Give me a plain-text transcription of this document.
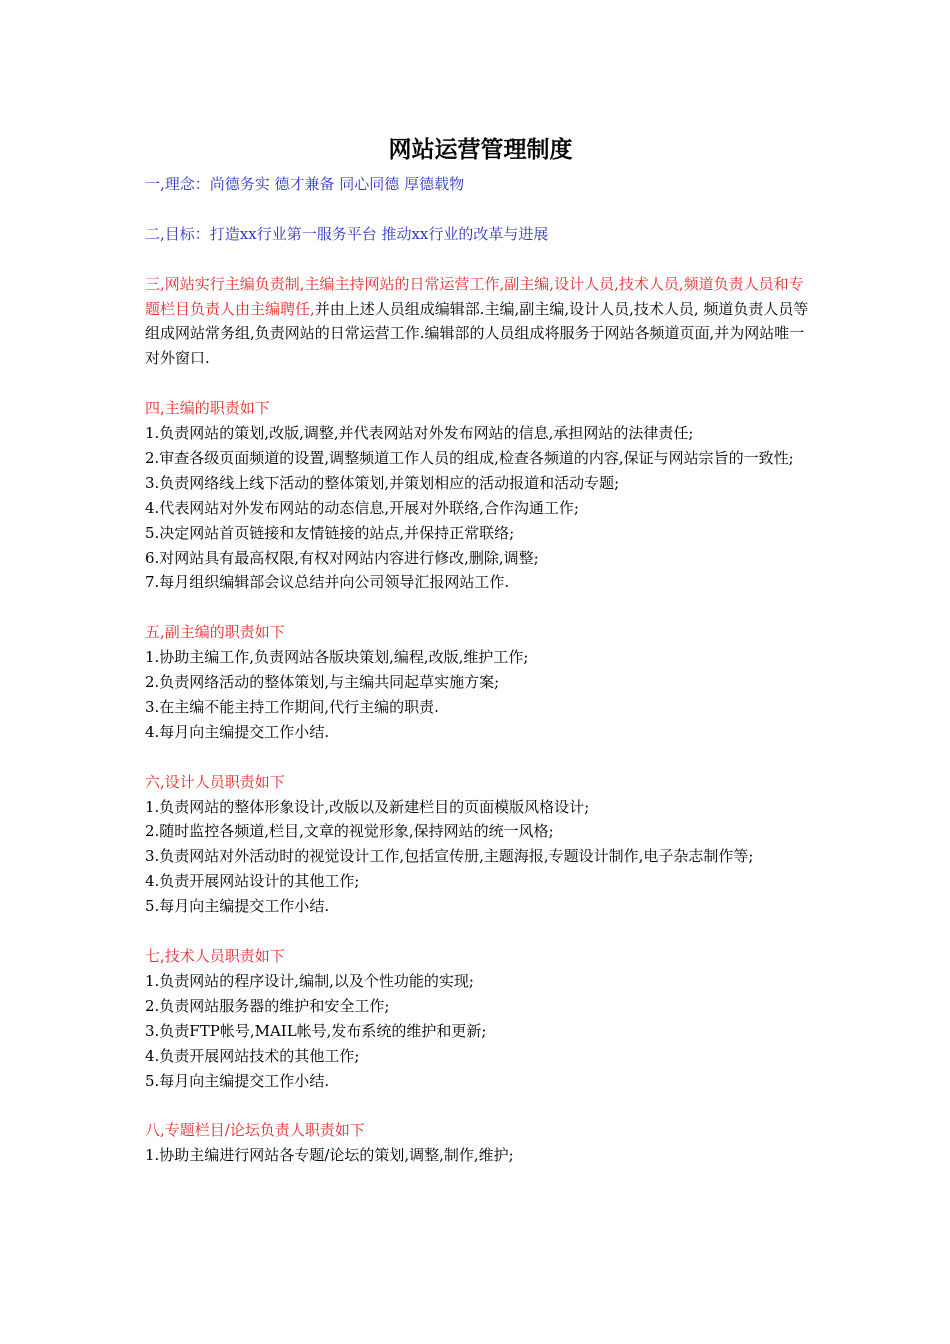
网站运营管理制度

一,理念：尚德务实 德才兼备 同心同德 厚德载物

二,目标：打造xx行业第一服务平台 推动xx行业的改革与进展

三,网站实行主编负责制,主编主持网站的日常运营工作,副主编,设计人员,技术人员,频道负责人员和专题栏目负责人由主编聘任,并由上述人员组成编辑部.主编,副主编,设计人员,技术人员, 频道负责人员等组成网站常务组,负责网站的日常运营工作.编辑部的人员组成将服务于网站各频道页面,并为网站唯一对外窗口.

四,主编的职责如下
1.负责网站的策划,改版,调整,并代表网站对外发布网站的信息,承担网站的法律责任;
2.审查各级页面频道的设置,调整频道工作人员的组成,检查各频道的内容,保证与网站宗旨的一致性;
3.负责网络线上线下活动的整体策划,并策划相应的活动报道和活动专题;
4.代表网站对外发布网站的动态信息,开展对外联络,合作沟通工作;
5.决定网站首页链接和友情链接的站点,并保持正常联络;
6.对网站具有最高权限,有权对网站内容进行修改,删除,调整;
7.每月组织编辑部会议总结并向公司领导汇报网站工作.
五,副主编的职责如下
1.协助主编工作,负责网站各版块策划,编程,改版,维护工作;
2.负责网络活动的整体策划,与主编共同起草实施方案;
3.在主编不能主持工作期间,代行主编的职责.
4.每月向主编提交工作小结.
六,设计人员职责如下
1.负责网站的整体形象设计,改版以及新建栏目的页面模版风格设计;
2.随时监控各频道,栏目,文章的视觉形象,保持网站的统一风格;
3.负责网站对外活动时的视觉设计工作,包括宣传册,主题海报,专题设计制作,电子杂志制作等;
4.负责开展网站设计的其他工作;
5.每月向主编提交工作小结.
七,技术人员职责如下
1.负责网站的程序设计,编制,以及个性功能的实现;
2.负责网站服务器的维护和安全工作;
3.负责FTP帐号,MAIL帐号,发布系统的维护和更新;
4.负责开展网站技术的其他工作;
5.每月向主编提交工作小结.
八,专题栏目/论坛负责人职责如下
1.协助主编进行网站各专题/论坛的策划,调整,制作,维护;
